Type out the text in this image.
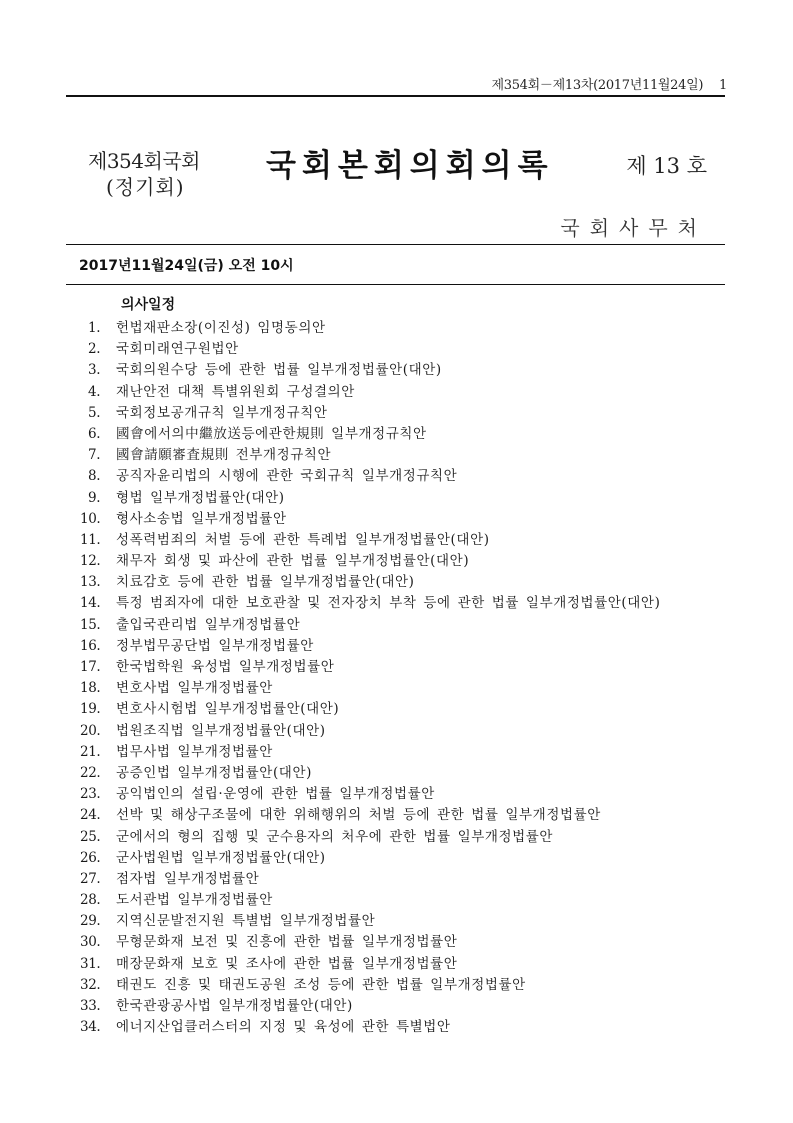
제354회－제13차(2017년11월24일) 1
제354회국회
(정기회)
국회본회의회의록	제 13 호
국회사무처
2017년11월24일(금) 오전 10시
의사일정
1. 헌법재판소장(이진성) 임명동의안
2. 국회미래연구원법안
3. 국회의원수당 등에 관한 법률 일부개정법률안(대안)
4. 재난안전 대책 특별위원회 구성결의안
5. 국회정보공개규칙 일부개정규칙안
6. 國會에서의中繼放送등에관한規則 일부개정규칙안
7. 國會請願審査規則 전부개정규칙안
8. 공직자윤리법의 시행에 관한 국회규칙 일부개정규칙안
9. 형법 일부개정법률안(대안)
10. 형사소송법 일부개정법률안
11. 성폭력범죄의 처벌 등에 관한 특례법 일부개정법률안(대안)
12. 채무자 회생 및 파산에 관한 법률 일부개정법률안(대안)
13. 치료감호 등에 관한 법률 일부개정법률안(대안)
14. 특정 범죄자에 대한 보호관찰 및 전자장치 부착 등에 관한 법률 일부개정법률안(대안)
15. 출입국관리법 일부개정법률안
16. 정부법무공단법 일부개정법률안
17. 한국법학원 육성법 일부개정법률안
18. 변호사법 일부개정법률안
19. 변호사시험법 일부개정법률안(대안)
20. 법원조직법 일부개정법률안(대안)
21. 법무사법 일부개정법률안
22. 공증인법 일부개정법률안(대안)
23. 공익법인의 설립·운영에 관한 법률 일부개정법률안
24. 선박 및 해상구조물에 대한 위해행위의 처벌 등에 관한 법률 일부개정법률안
25. 군에서의 형의 집행 및 군수용자의 처우에 관한 법률 일부개정법률안
26. 군사법원법 일부개정법률안(대안)
27. 점자법 일부개정법률안
28. 도서관법 일부개정법률안
29. 지역신문발전지원 특별법 일부개정법률안
30. 무형문화재 보전 및 진흥에 관한 법률 일부개정법률안
31. 매장문화재 보호 및 조사에 관한 법률 일부개정법률안
32. 태권도 진흥 및 태권도공원 조성 등에 관한 법률 일부개정법률안
33. 한국관광공사법 일부개정법률안(대안)
34. 에너지산업클러스터의 지정 및 육성에 관한 특별법안
